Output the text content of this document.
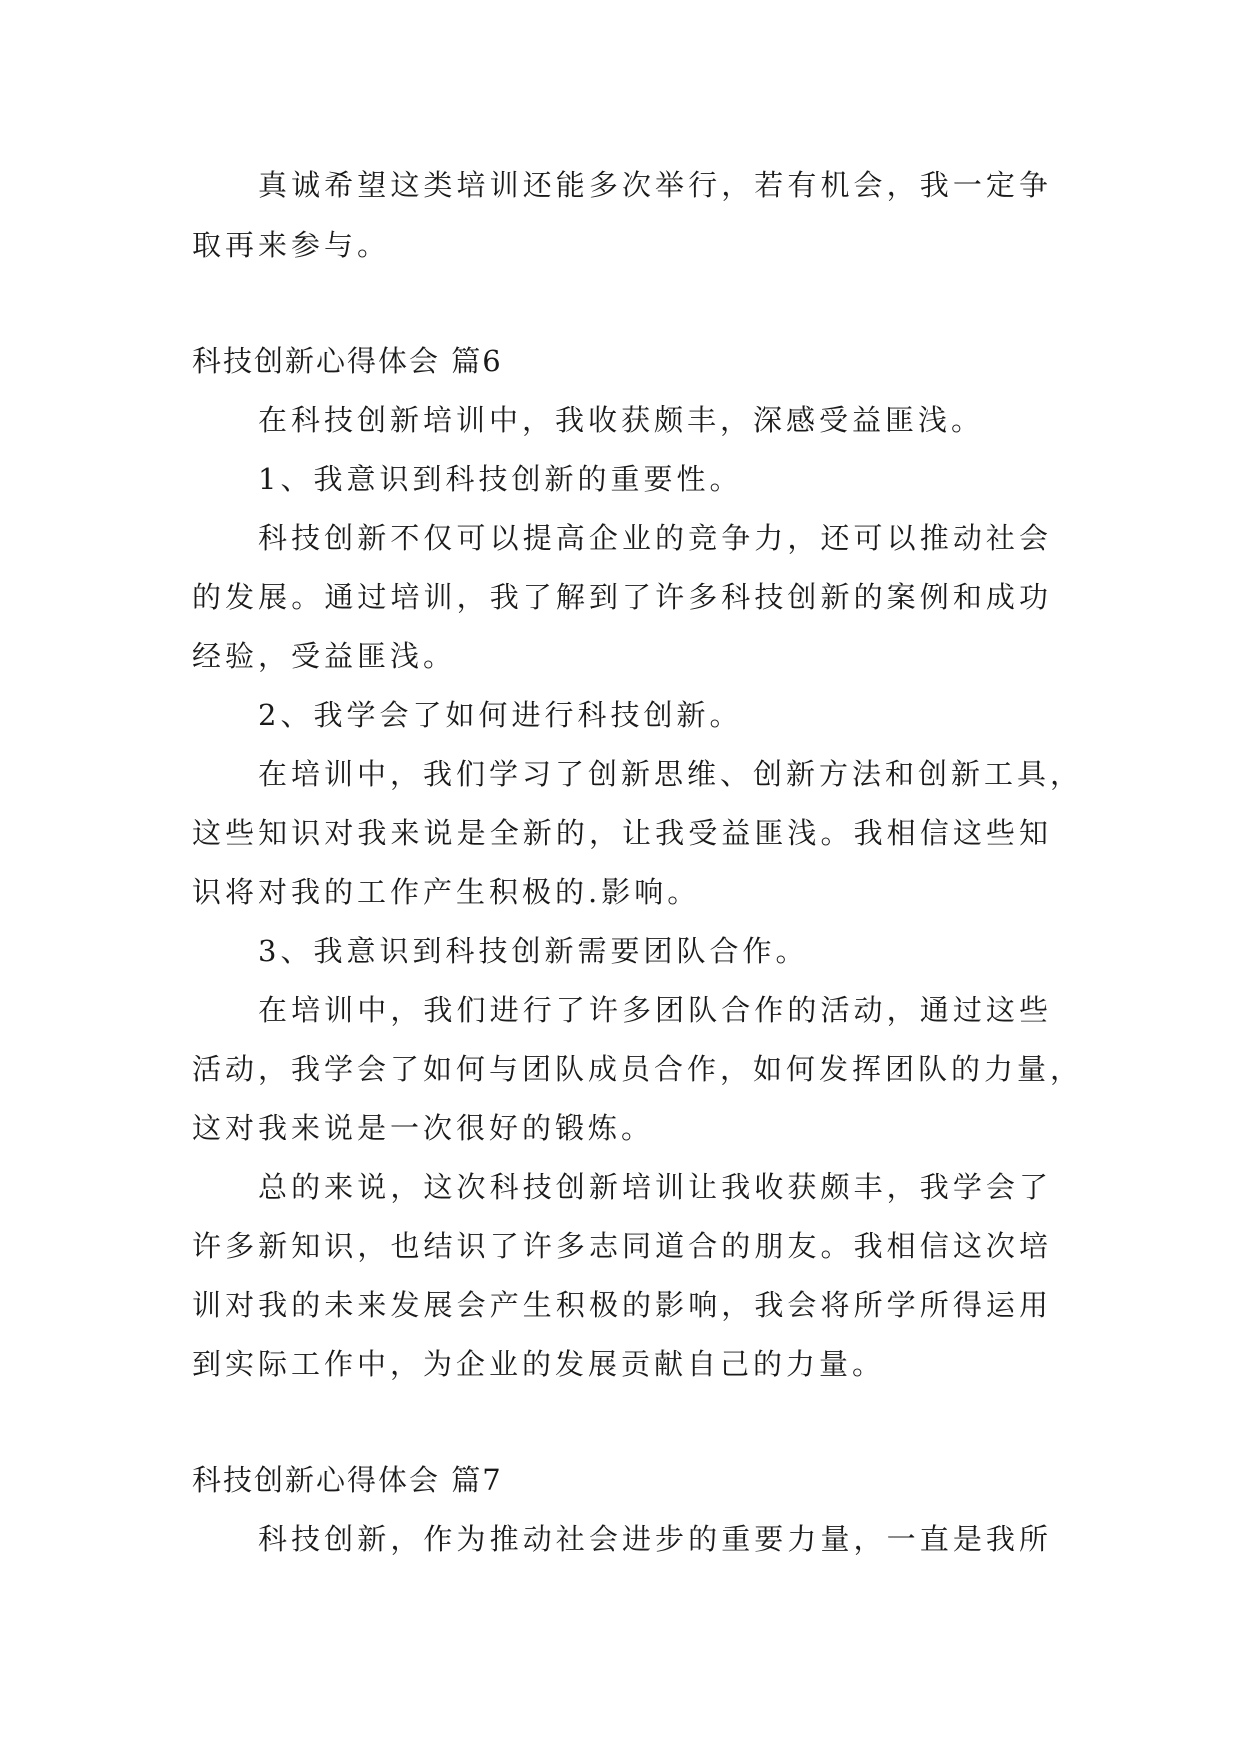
真诚希望这类培训还能多次举行，若有机会，我一定争
取再来参与。
科技创新心得体会 篇6
在科技创新培训中，我收获颇丰，深感受益匪浅。
1、我意识到科技创新的重要性。
科技创新不仅可以提高企业的竞争力，还可以推动社会
的发展。通过培训，我了解到了许多科技创新的案例和成功
经验，受益匪浅。
2、我学会了如何进行科技创新。
在培训中，我们学习了创新思维、创新方法和创新工具，
这些知识对我来说是全新的，让我受益匪浅。我相信这些知
识将对我的工作产生积极的.影响。
3、我意识到科技创新需要团队合作。
在培训中，我们进行了许多团队合作的活动，通过这些
活动，我学会了如何与团队成员合作，如何发挥团队的力量，
这对我来说是一次很好的锻炼。
总的来说，这次科技创新培训让我收获颇丰，我学会了
许多新知识，也结识了许多志同道合的朋友。我相信这次培
训对我的未来发展会产生积极的影响，我会将所学所得运用
到实际工作中，为企业的发展贡献自己的力量。
科技创新心得体会 篇7
科技创新，作为推动社会进步的重要力量，一直是我所
